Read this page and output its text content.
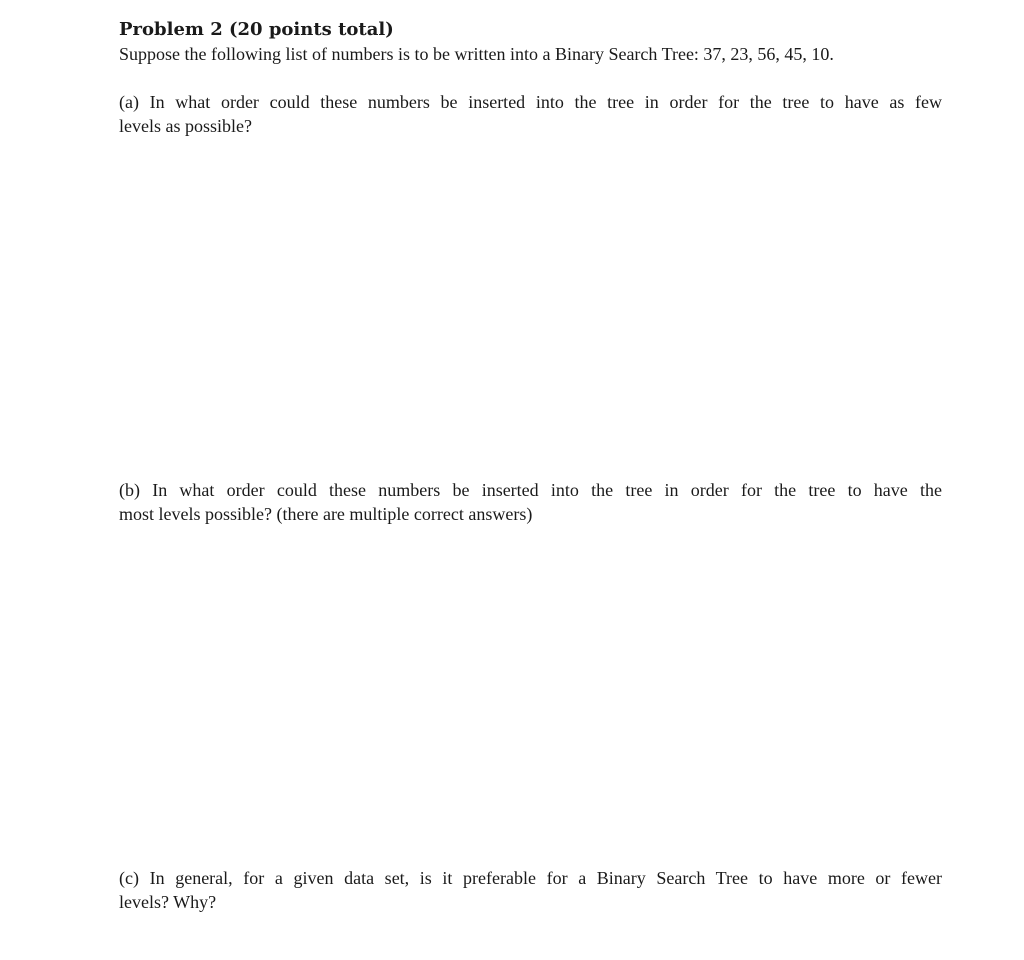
Problem 2 (20 points total)
Suppose the following list of numbers is to be written into a Binary Search Tree: 37, 23, 56, 45, 10.
(a) In what order could these numbers be inserted into the tree in order for the tree to have as few
levels as possible?
(b) In what order could these numbers be inserted into the tree in order for the tree to have the
most levels possible? (there are multiple correct answers)
(c) In general, for a given data set, is it preferable for a Binary Search Tree to have more or fewer
levels? Why?
